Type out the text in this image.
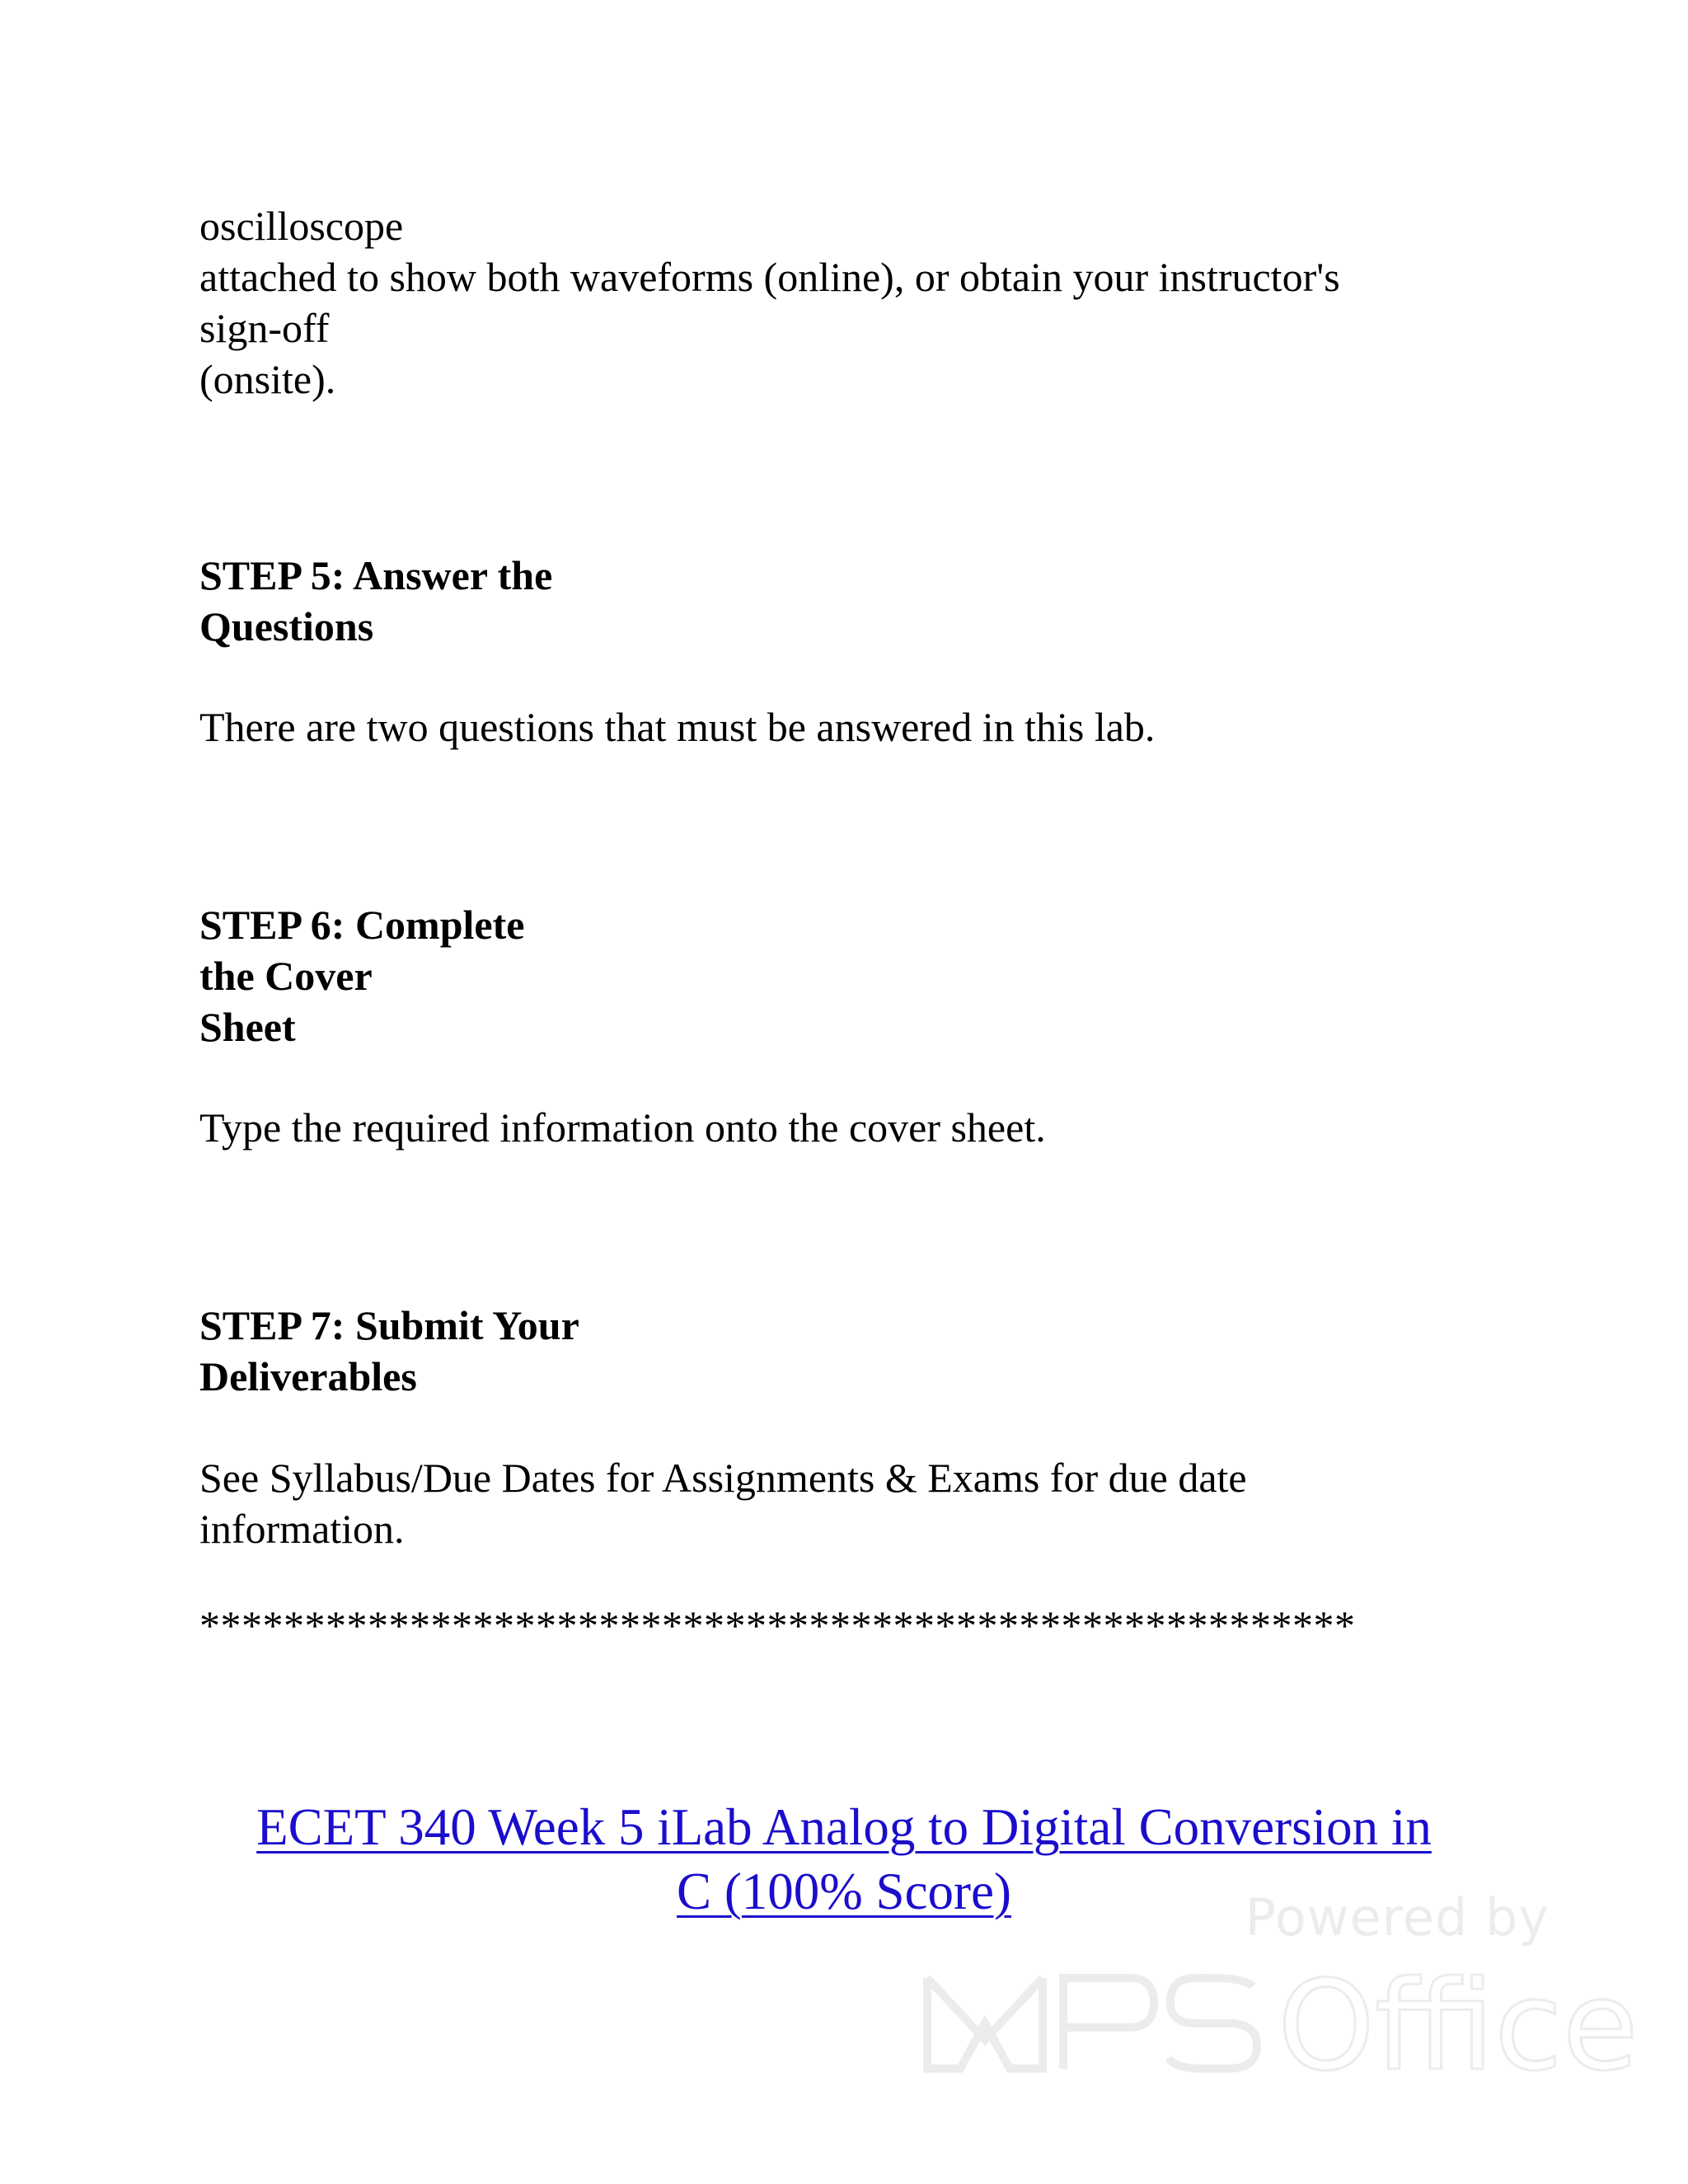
oscilloscope

attached to show both waveforms (online), or obtain your instructor's

sign-off

(onsite).

STEP 5: Answer the

Questions

There are two questions that must be answered in this lab.

STEP 6: Complete

the Cover

Sheet

Type the required information onto the cover sheet.

STEP 7: Submit Your

Deliverables

See Syllabus/Due Dates for Assignments & Exams for due date

information.

*******************************************************

ECET 340 Week 5 iLab Analog to Digital Conversion in
C (100% Score)	Powered by
Office
